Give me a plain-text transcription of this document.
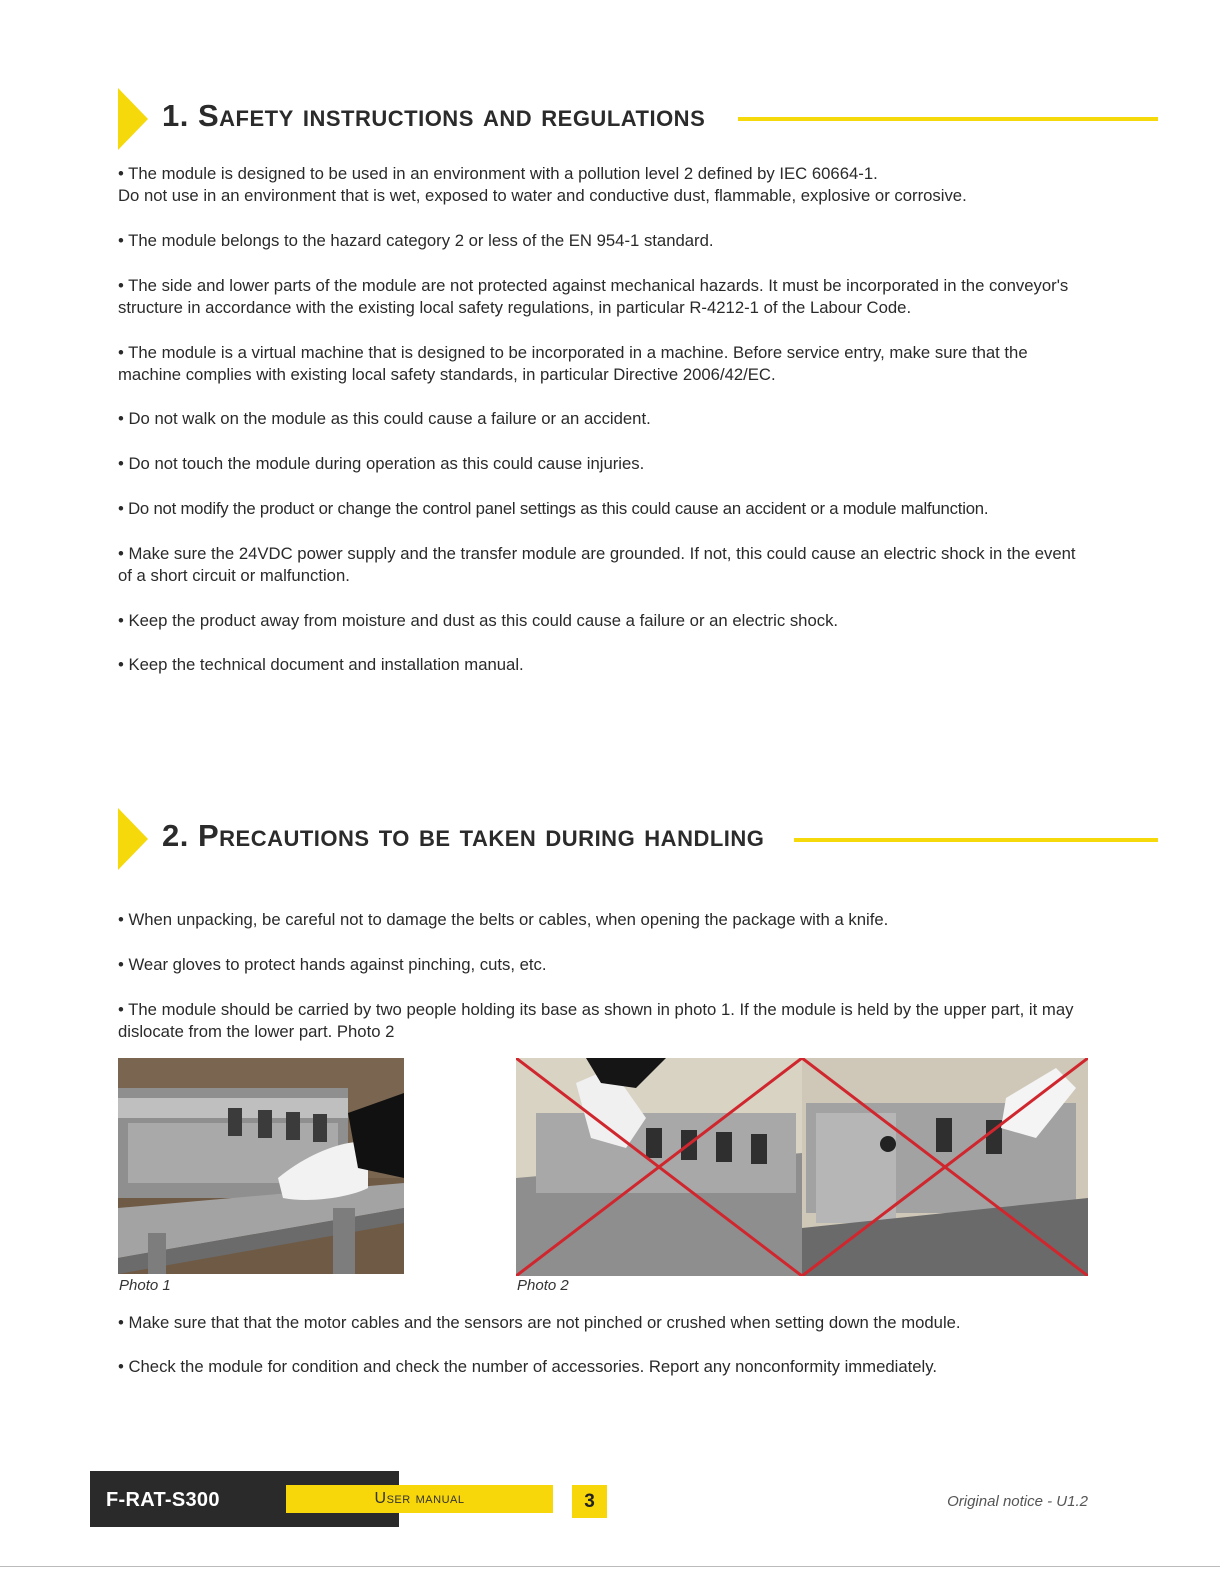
1. Safety instructions and regulations

• The module is designed to be used in an environment with a pollution level 2 defined by IEC 60664-1.
Do not use in an environment that is wet, exposed to water and conductive dust, flammable, explosive or corrosive.

• The module belongs to the hazard category 2 or less of the EN 954-1 standard.

• The side and lower parts of the module are not protected against mechanical hazards. It must be incorporated in the conveyor's structure in accordance with the existing local safety regulations, in particular R-4212-1 of the Labour Code.

• The module is a virtual machine that is designed to be incorporated in a machine. Before service entry, make sure that the machine complies with existing local safety standards, in particular Directive 2006/42/EC.

• Do not walk on the module as this could cause a failure or an accident.

• Do not touch the module during operation as this could cause injuries.

• Do not modify the product or change the control panel settings as this could cause an accident or a module malfunction.

• Make sure the 24VDC power supply and the transfer module are grounded. If not, this could cause an electric shock in the event of a short circuit or malfunction.

• Keep the product away from moisture and dust as this could cause a failure or an electric shock.

• Keep the technical document and installation manual.

2. Precautions to be taken during handling

• When unpacking, be careful not to damage the belts or cables, when opening the package with a knife.

• Wear gloves to protect hands against pinching, cuts, etc.

• The module should be carried by two people holding its base as shown in photo 1. If the module is held by the upper part, it may dislocate from the lower part. Photo 2

Photo 1	Photo 2

• Make sure that that the motor cables and the sensors are not pinched or crushed when setting down the module.

• Check the module for condition and check the number of accessories. Report any nonconformity immediately.

F-RAT-S300	User manual	3	Original notice - U1.2
